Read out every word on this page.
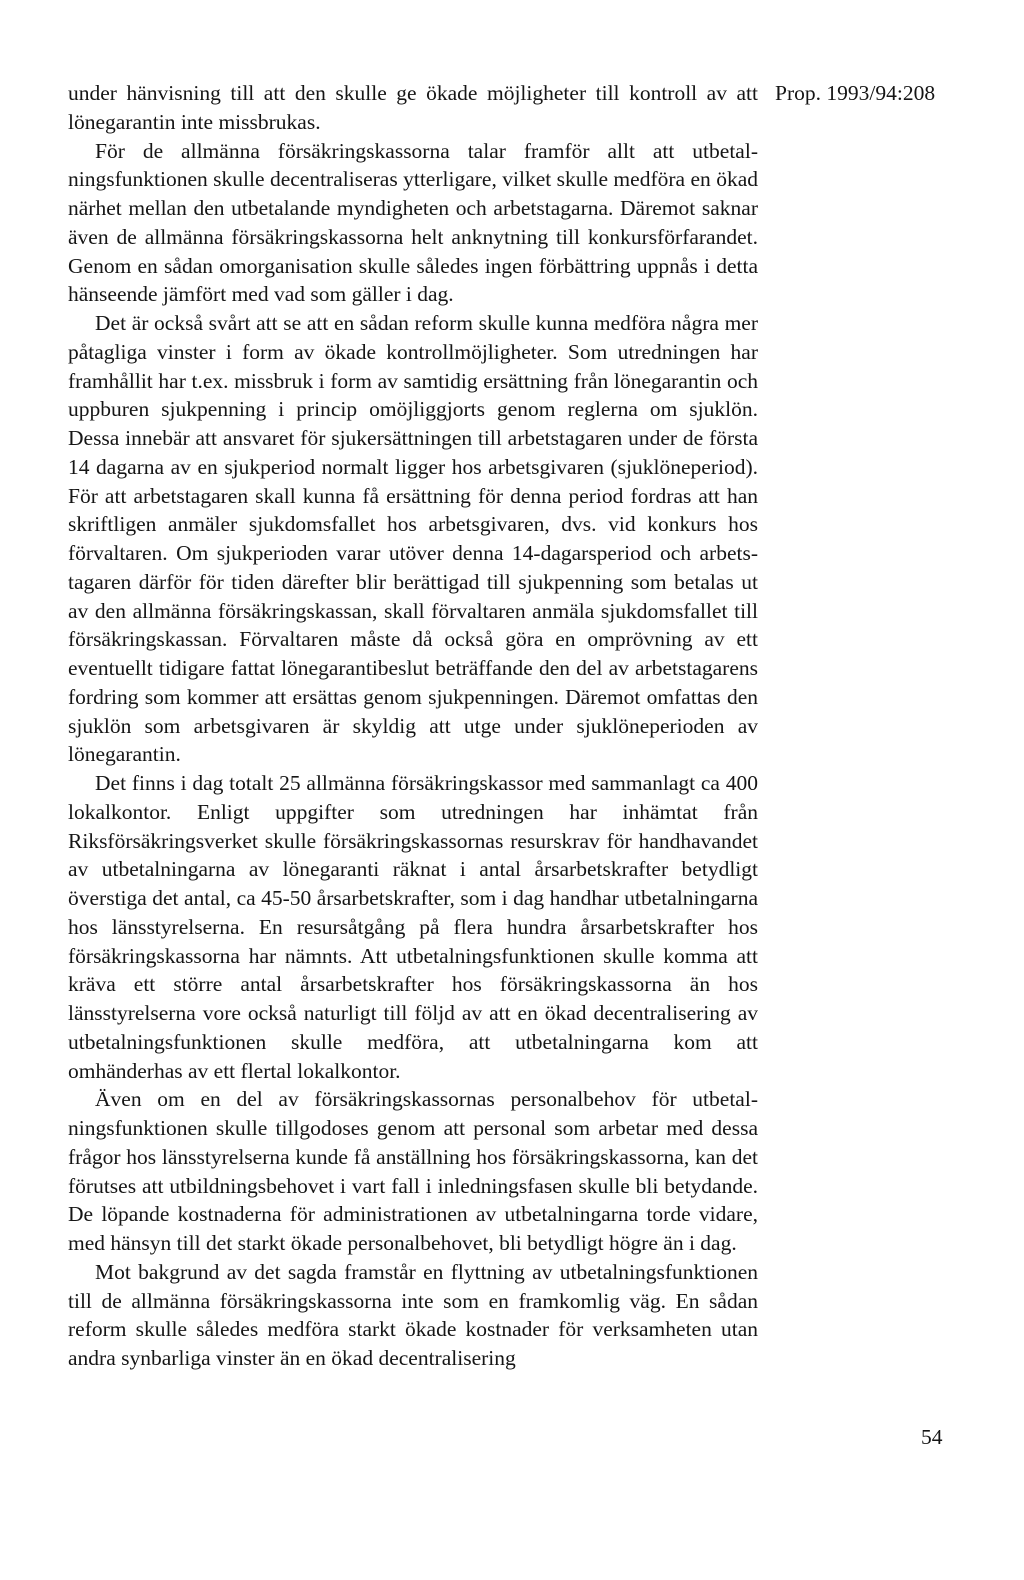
Prop. 1993/94:208

under hänvisning till att den skulle ge ökade möjligheter till kontroll av att lönegarantin inte missbrukas.

För de allmänna försäkringskassorna talar framför allt att utbetalningsfunktionen skulle decentraliseras ytterligare, vilket skulle medföra en ökad närhet mellan den utbetalande myndigheten och arbetstagarna. Däremot saknar även de allmänna försäkringskassorna helt anknytning till konkursförfarandet. Genom en sådan omorganisation skulle således ingen förbättring uppnås i detta hänseende jämfört med vad som gäller i dag.

Det är också svårt att se att en sådan reform skulle kunna medföra några mer påtagliga vinster i form av ökade kontrollmöjligheter. Som utredningen har framhållit har t.ex. missbruk i form av samtidig ersättning från lönegarantin och uppburen sjukpenning i princip omöjliggjorts genom reglerna om sjuklön. Dessa innebär att ansvaret för sjukersättningen till arbetstagaren under de första 14 dagarna av en sjukperiod normalt ligger hos arbetsgivaren (sjuklöneperiod). För att arbetstagaren skall kunna få ersättning för denna period fordras att han skriftligen anmäler sjukdomsfallet hos arbetsgivaren, dvs. vid konkurs hos förvaltaren. Om sjukperioden varar utöver denna 14-dagarsperiod och arbetstagaren därför för tiden därefter blir berättigad till sjukpenning som betalas ut av den allmänna försäkringskassan, skall förvaltaren anmäla sjukdomsfallet till försäkringskassan. Förvaltaren måste då också göra en omprövning av ett eventuellt tidigare fattat lönegarantibeslut beträffande den del av arbetstagarens fordring som kommer att ersättas genom sjukpenningen. Däremot omfattas den sjuklön som arbetsgivaren är skyldig att utge under sjuklöneperioden av lönegarantin.

Det finns i dag totalt 25 allmänna försäkringskassor med sammanlagt ca 400 lokalkontor. Enligt uppgifter som utredningen har inhämtat från Riksförsäkringsverket skulle försäkringskassornas resurskrav för handhavandet av utbetalningarna av lönegaranti räknat i antal årsarbetskrafter betydligt överstiga det antal, ca 45-50 årsarbetskrafter, som i dag handhar utbetalningarna hos länsstyrelserna. En resursåtgång på flera hundra årsarbetskrafter hos försäkringskassorna har nämnts. Att utbetalningsfunktionen skulle komma att kräva ett större antal årsarbetskrafter hos försäkringskassorna än hos länsstyrelserna vore också naturligt till följd av att en ökad decentralisering av utbetalningsfunktionen skulle medföra, att utbetalningarna kom att omhänderhas av ett flertal lokalkontor.

Även om en del av försäkringskassornas personalbehov för utbetalningsfunktionen skulle tillgodoses genom att personal som arbetar med dessa frågor hos länsstyrelserna kunde få anställning hos försäkringskassorna, kan det förutses att utbildningsbehovet i vart fall i inledningsfasen skulle bli betydande. De löpande kostnaderna för administrationen av utbetalningarna torde vidare, med hänsyn till det starkt ökade personalbehovet, bli betydligt högre än i dag.

Mot bakgrund av det sagda framstår en flyttning av utbetalningsfunktionen till de allmänna försäkringskassorna inte som en framkomlig väg. En sådan reform skulle således medföra starkt ökade kostnader för verksamheten utan andra synbarliga vinster än en ökad decentralisering

54
